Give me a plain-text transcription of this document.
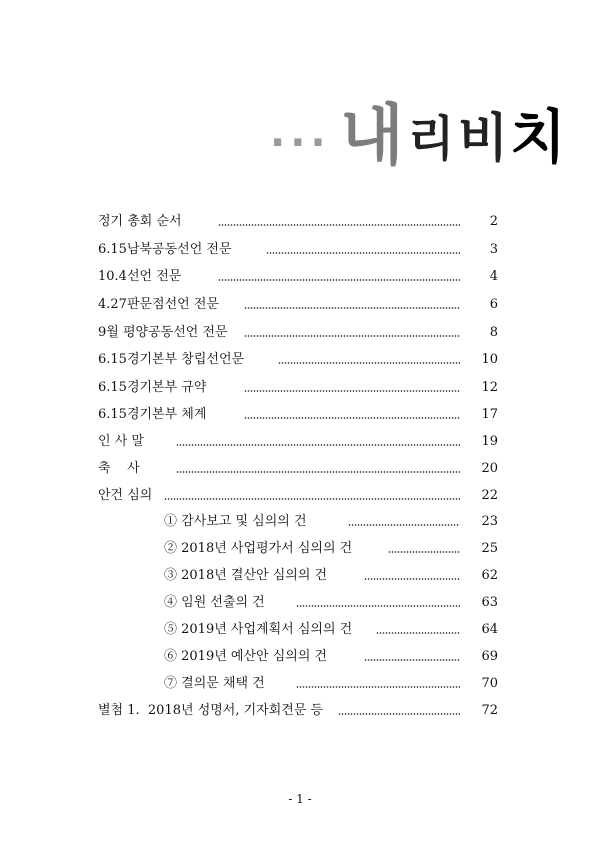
... 내 리 비 치
정기 총회 순서	2
6.15남북공동선언 전문	3
10.4선언 전문	4
4.27판문점선언 전문	6
9월 평양공동선언 전문	8
6.15경기본부 창립선언문	10
6.15경기본부 규약	12
6.15경기본부 체계	17
인 사 말	19
축    사	20
안건 심의	22
① 감사보고 및 심의의 건	23
② 2018년 사업평가서 심의의 건	25
③ 2018년 결산안 심의의 건	62
④ 임원 선출의 건	63
⑤ 2019년 사업계획서 심의의 건	64
⑥ 2019년 예산안 심의의 건	69
⑦ 결의문 채택 건	70
별첨 1.  2018년 성명서, 기자회견문 등	72
- 1 -
